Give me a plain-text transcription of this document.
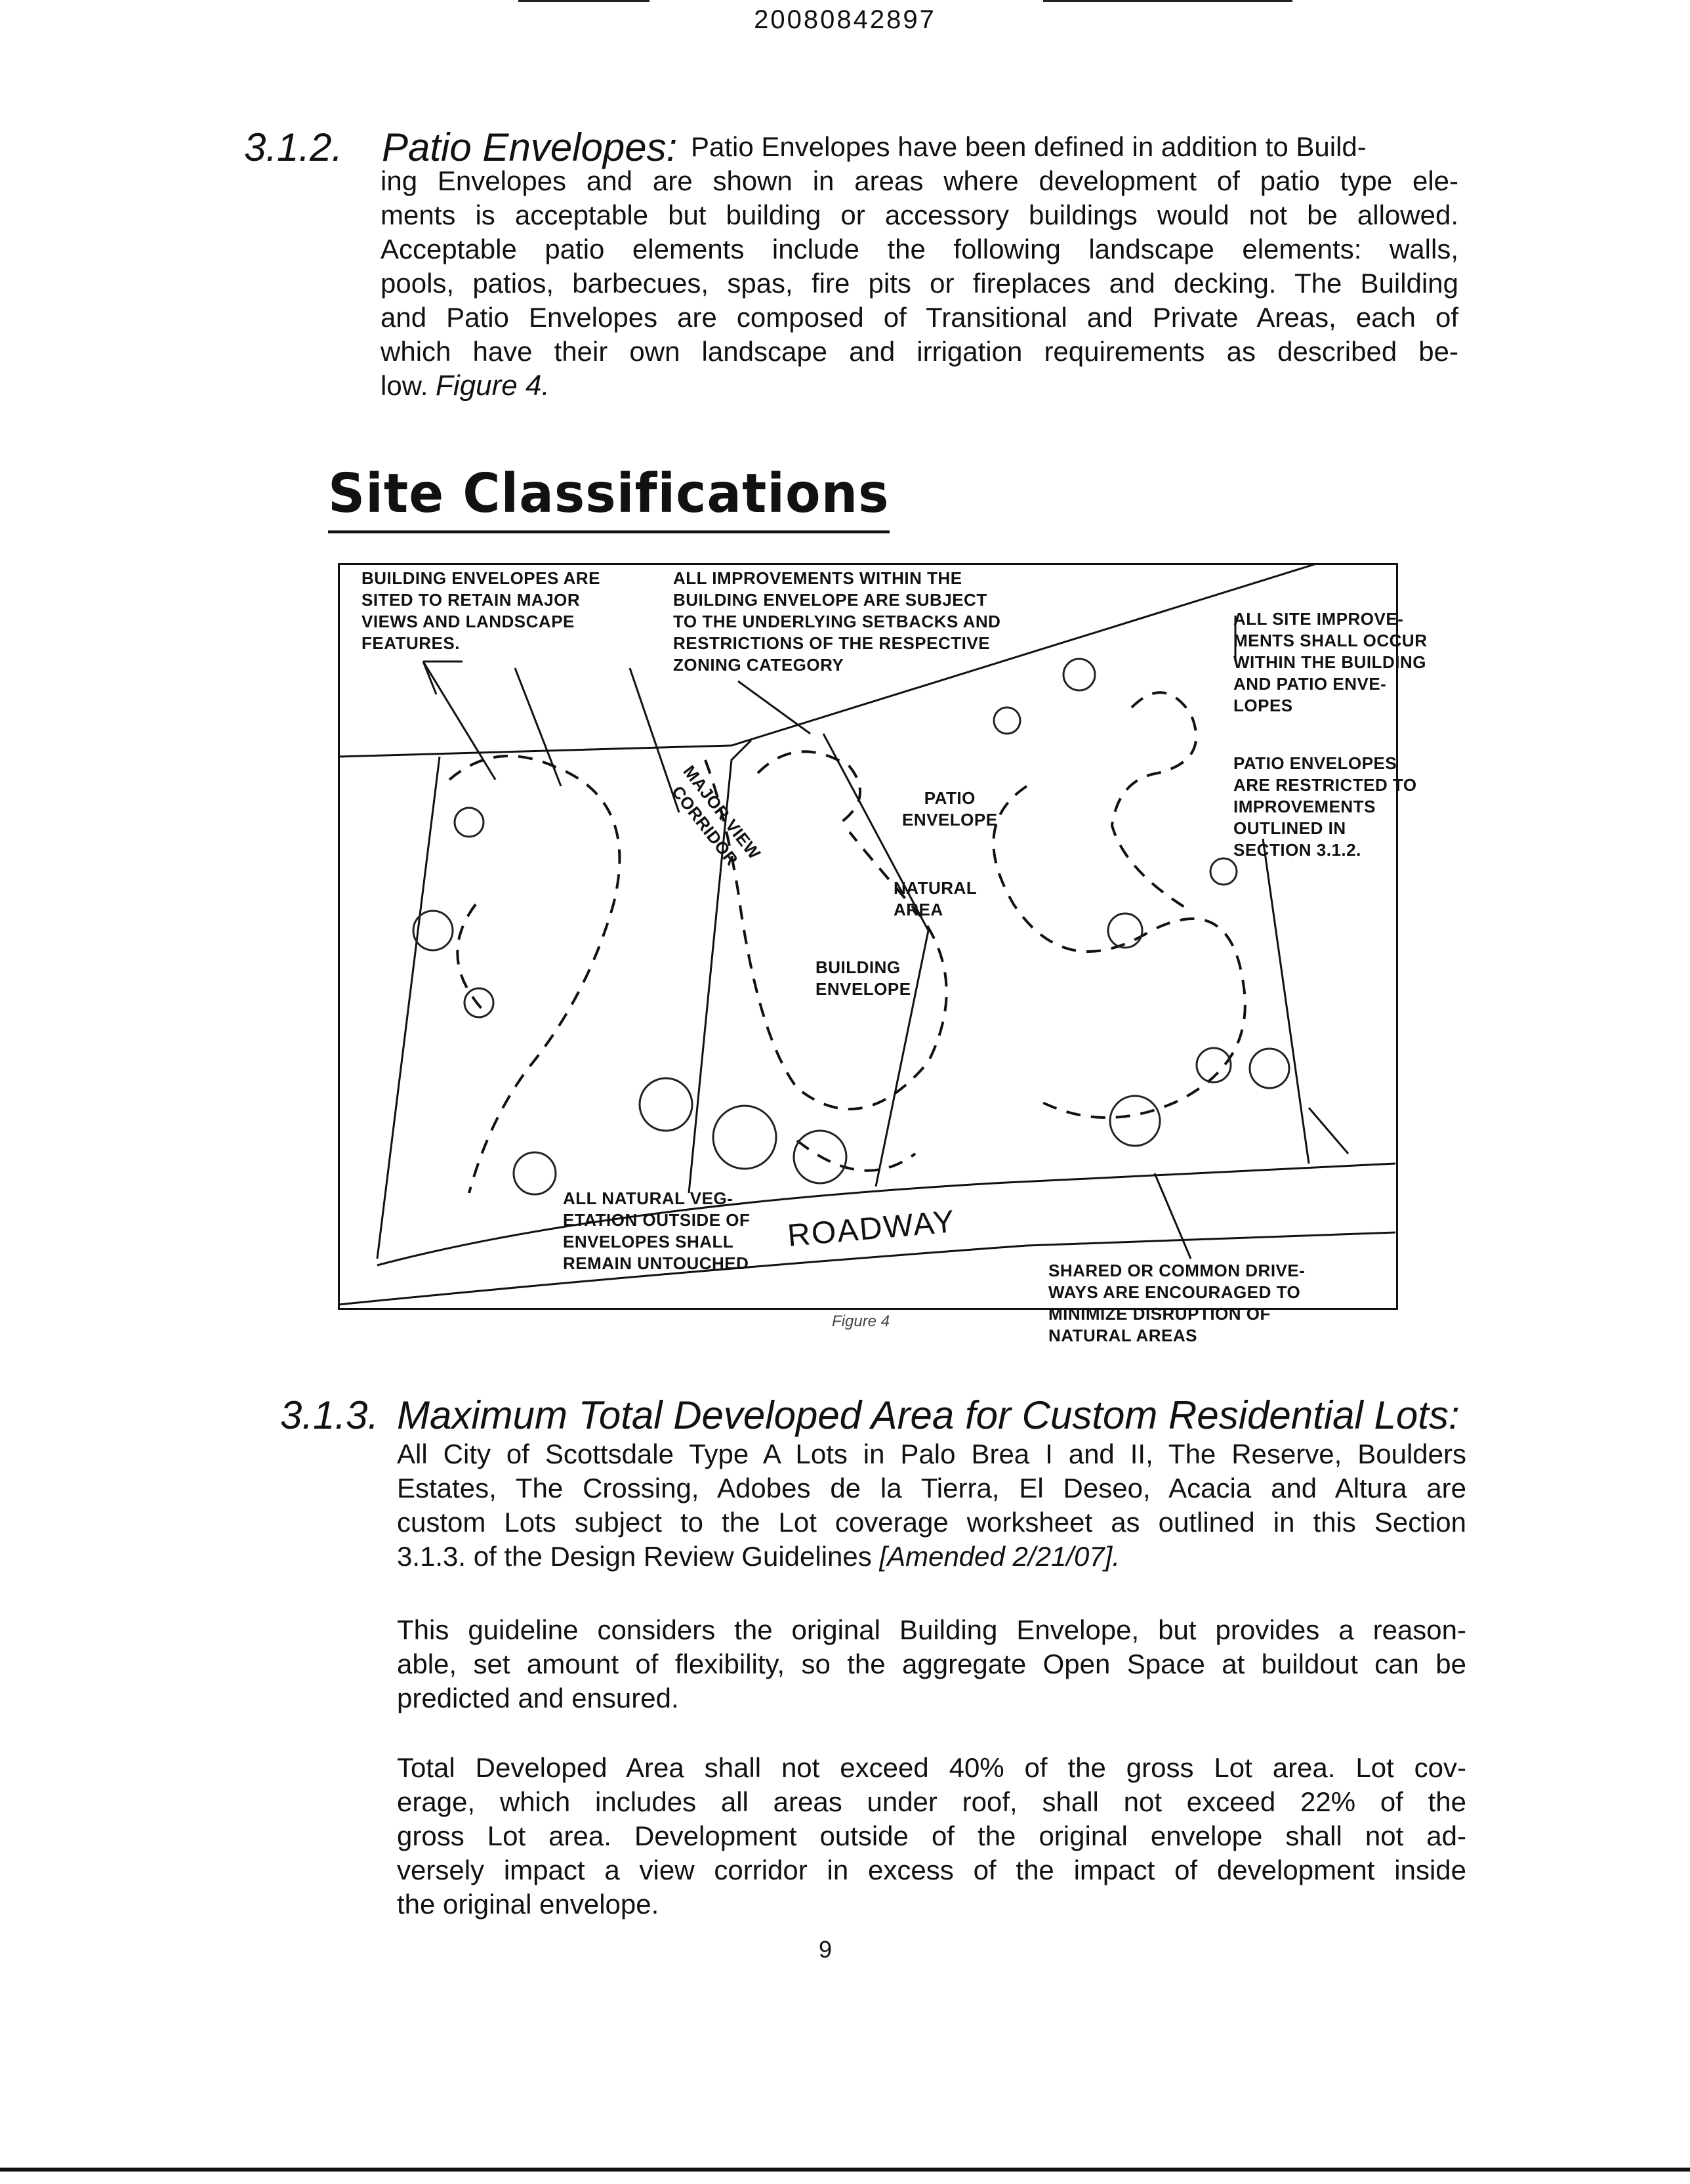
20080842897
3.1.2. Patio Envelopes: Patio Envelopes have been defined in addition to Build-
ing Envelopes and are shown in areas where development of patio type ele-
ments is acceptable but building or accessory buildings would not be allowed.
Acceptable patio elements include the following landscape elements: walls,
pools, patios, barbecues, spas, fire pits or fireplaces and decking. The Building
and Patio Envelopes are composed of Transitional and Private Areas, each of
which have their own landscape and irrigation requirements as described be-
low. Figure 4.
Site Classifications
BUILDING ENVELOPES ARE
SITED TO RETAIN MAJOR
VIEWS AND LANDSCAPE
FEATURES.
ALL IMPROVEMENTS WITHIN THE
BUILDING ENVELOPE ARE SUBJECT
TO THE UNDERLYING SETBACKS AND
RESTRICTIONS OF THE RESPECTIVE
ZONING CATEGORY
ALL SITE IMPROVE-
MENTS SHALL OCCUR
WITHIN THE BUILDING
AND PATIO ENVE-
LOPES
PATIO ENVELOPES
ARE RESTRICTED TO
IMPROVEMENTS
OUTLINED IN
SECTION 3.1.2.
MAJOR VIEW
CORRIDOR	PATIO
ENVELOPE
NATURAL
AREA
BUILDING
ENVELOPE
ALL NATURAL VEG-
ETATION OUTSIDE OF
ENVELOPES SHALL
REMAIN UNTOUCHED
ROADWAY
SHARED OR COMMON DRIVE-
WAYS ARE ENCOURAGED TO
MINIMIZE DISRUPTION OF
NATURAL AREAS
Figure 4
3.1.3. Maximum Total Developed Area for Custom Residential Lots:
All City of Scottsdale Type A Lots in Palo Brea I and II, The Reserve, Boulders
Estates, The Crossing, Adobes de la Tierra, El Deseo, Acacia and Altura are
custom Lots subject to the Lot coverage worksheet as outlined in this Section
3.1.3. of the Design Review Guidelines [Amended 2/21/07].
This guideline considers the original Building Envelope, but provides a reason-
able, set amount of flexibility, so the aggregate Open Space at buildout can be
predicted and ensured.
Total Developed Area shall not exceed 40% of the gross Lot area. Lot cov-
erage, which includes all areas under roof, shall not exceed 22% of the
gross Lot area. Development outside of the original envelope shall not ad-
versely impact a view corridor in excess of the impact of development inside
the original envelope.
9
